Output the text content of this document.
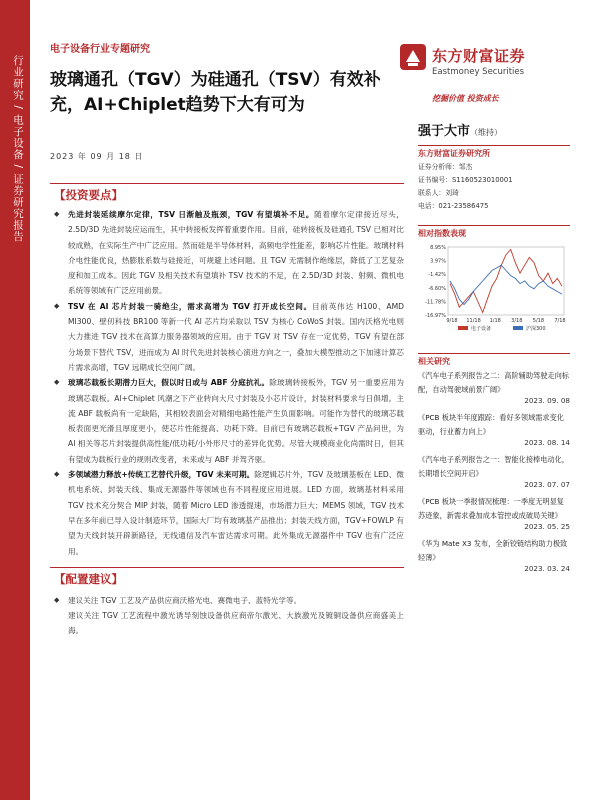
行业研究 / 电子设备 / 证券研究报告
电子设备行业专题研究	东方财富证券
Eastmoney Securities
挖掘价值 投资成长
玻璃通孔（TGV）为硅通孔（TSV）有效补充，AI+Chiplet趋势下大有可为
2023 年 09 月 18 日
【投资要点】
◆ 先进封装延续摩尔定律，TSV 日渐触及瓶颈，TGV 有望填补不足。随着摩尔定律接近尽头，2.5D/3D 先进封装应运而生，其中转接板发挥着重要作用。目前，硅转接板及硅通孔 TSV 已相对比较成熟，在实际生产中广泛应用。然而硅是半导体材料，高频电学性能差，影响芯片性能。玻璃材料介电性能优良，热膨胀系数与硅接近，可规避上述问题。且 TGV 无需制作绝缘层，降低了工艺复杂度和加工成本。因此 TGV 及相关技术有望填补 TSV 技术的不足，在 2.5D/3D 封装、射频、微机电系统等领域有广泛应用前景。
◆ TSV 在 AI 芯片封装一骑绝尘，需求高增为 TGV 打开成长空间。目前英伟达 H100、AMD MI300、壁仞科技 BR100 等新一代 AI 芯片均采取以 TSV 为核心 CoWoS 封装。国内沃格光电则大力推进 TGV 技术在高算力服务器领域的应用。由于 TGV 对 TSV 存在一定优势，TGV 有望在部分场景下替代 TSV，进而成为 AI 时代先进封装核心演进方向之一，叠加大模型推动之下加速计算芯片需求高增，TGV 远期成长空间广阔。
◆ 玻璃芯载板长期潜力巨大，假以时日或与 ABF 分庭抗礼。除玻璃转接板外，TGV 另一重要应用为玻璃芯载板。Al+Chiplet 风潮之下产业转向大尺寸封装及小芯片设计，封装材料要求与日俱增。主流 ABF 载板尚有一定缺陷，其相较表面会对精细电路性能产生负面影响。可能作为替代的玻璃芯载板表面更光滑且厚度更小，使芯片性能提高、功耗下降。目前已有玻璃芯载板+TGV 产品问世，为 AI 相关等芯片封装提供高性能/低功耗/小外形尺寸的差异化优势。尽管大规模商业化尚需时日，但其有望成为载板行业的规则改变者，未来或与 ABF 并驾齐驱。
◆ 多领域潜力释放+传统工艺替代升级，TGV 未来可期。除逻辑芯片外，TGV 及玻璃基板在 LED、微机电系统、封装天线、集成无源器件等领域也有不同程度应用进展。LED 方面，玻璃基材料采用 TGV 技术充分契合 MIP 封装，随着 Micro LED 渗透提速，市场潜力巨大；MEMS 领域，TGV 技术早在多年前已导入设计制造环节，国际大厂均有玻璃基产品推出；封装天线方面，TGV+FOWLP 有望为天线封装开辟新路径，无线通信及汽车雷达需求可期。此外集成无源器件中 TGV 也有广泛应用。
【配置建议】
◆ 建议关注 TGV 工艺及产品供应商沃格光电、赛微电子、蓝特光学等。
建议关注 TGV 工艺流程中激光诱导刻蚀设备供应商帝尔激光、大族激光及镀铜设备供应商盛美上海。
强于大市（维持）
东方财富证券研究所
证券分析师：邹杰
证书编号：S1160523010001
联系人：刘琦
电话：021-23586475
相对指数表现
8.95%
3.97%
-1.42%
-6.60%
-11.78%
-16.97%
9/18 11/18 1/18 3/18 5/18 7/18
电子设备	沪深300
相关研究
《汽车电子系列报告之二：高阶辅助驾驶走向标配，自动驾驶域前景广阔》
2023. 09. 08
《PCB 板块半年度跟踪：看好多领域需求变化驱动，行业蓄力向上》
2023. 08. 14
《汽车电子系列报告之一：智能化接棒电动化，长期增长空间开启》
2023. 07. 07
《PCB 板块一季报情况梳理：一季度无明显复苏迹象，新需求叠加成本管控或成破局关键》
2023. 05. 25
《华为 Mate X3 发布，全新铰链结构助力极致轻薄》
2023. 03. 24
